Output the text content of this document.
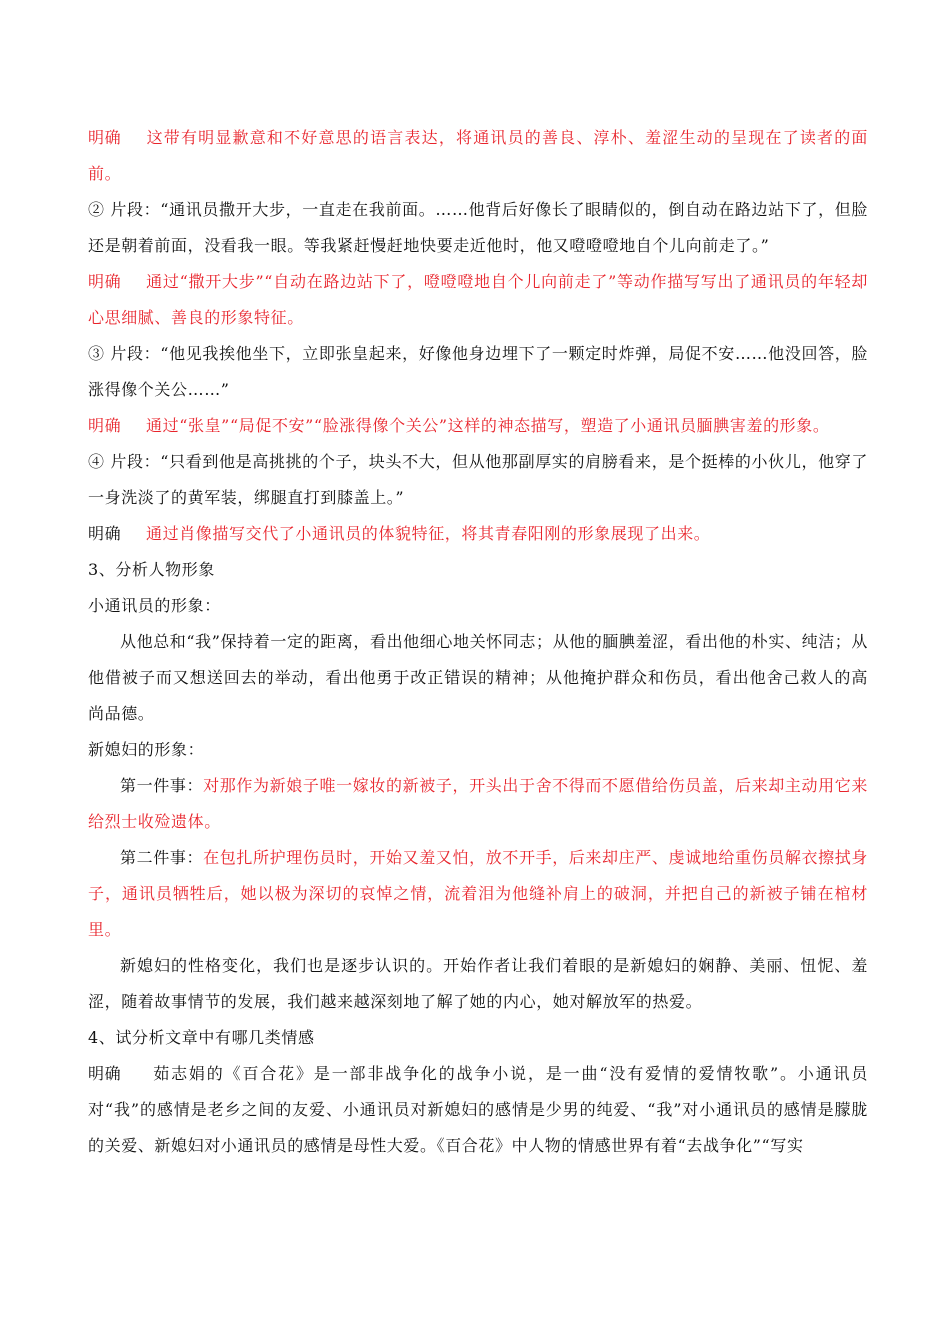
明确 这带有明显歉意和不好意思的语言表达，将通讯员的善良、淳朴、羞涩生动的呈现在了读者的面前。

② 片段：“通讯员撒开大步，一直走在我前面。……他背后好像长了眼睛似的，倒自动在路边站下了，但脸还是朝着前面，没看我一眼。等我紧赶慢赶地快要走近他时，他又噔噔噔地自个儿向前走了。”

明确 通过“撒开大步”“自动在路边站下了，噔噔噔地自个儿向前走了”等动作描写写出了通讯员的年轻却心思细腻、善良的形象特征。

③ 片段：“他见我挨他坐下，立即张皇起来，好像他身边埋下了一颗定时炸弹，局促不安……他没回答，脸涨得像个关公……”

明确 通过“张皇”“局促不安”“脸涨得像个关公”这样的神态描写，塑造了小通讯员腼腆害羞的形象。

④ 片段：“只看到他是高挑挑的个子，块头不大，但从他那副厚实的肩膀看来，是个挺棒的小伙儿，他穿了一身洗淡了的黄军装，绑腿直打到膝盖上。”

明确 通过肖像描写交代了小通讯员的体貌特征，将其青春阳刚的形象展现了出来。

3、分析人物形象

小通讯员的形象：

从他总和“我”保持着一定的距离，看出他细心地关怀同志；从他的腼腆羞涩，看出他的朴实、纯洁；从他借被子而又想送回去的举动，看出他勇于改正错误的精神；从他掩护群众和伤员，看出他舍己救人的高尚品德。

新媳妇的形象：

第一件事：对那作为新娘子唯一嫁妆的新被子，开头出于舍不得而不愿借给伤员盖，后来却主动用它来给烈士收殓遗体。

第二件事：在包扎所护理伤员时，开始又羞又怕，放不开手，后来却庄严、虔诚地给重伤员解衣擦拭身子，通讯员牺牲后，她以极为深切的哀悼之情，流着泪为他缝补肩上的破洞，并把自己的新被子铺在棺材里。

新媳妇的性格变化，我们也是逐步认识的。开始作者让我们着眼的是新媳妇的娴静、美丽、忸怩、羞涩，随着故事情节的发展，我们越来越深刻地了解了她的内心，她对解放军的热爱。

4、试分析文章中有哪几类情感

明确 茹志娟的《百合花》是一部非战争化的战争小说，是一曲“没有爱情的爱情牧歌”。小通讯员对“我”的感情是老乡之间的友爱、小通讯员对新媳妇的感情是少男的纯爱、“我”对小通讯员的感情是朦胧的关爱、新媳妇对小通讯员的感情是母性大爱。《百合花》中人物的情感世界有着“去战争化”“写实
